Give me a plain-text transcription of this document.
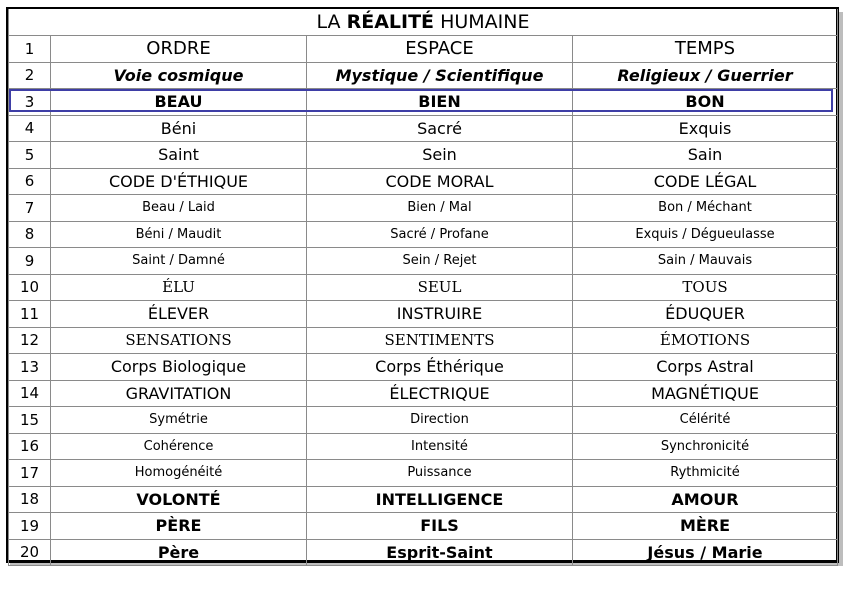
LA RÉALITÉ HUMAINE			
1	ORDRE	ESPACE	TEMPS
2	Voie cosmique	Mystique / Scientifique	Religieux / Guerrier
3	BEAU	BIEN	BON
4	Béni	Sacré	Exquis
5	Saint	Sein	Sain
6	CODE D'ÉTHIQUE	CODE MORAL	CODE LÉGAL
7	Beau / Laid	Bien / Mal	Bon / Méchant
8	Béni / Maudit	Sacré / Profane	Exquis / Dégueulasse
9	Saint / Damné	Sein / Rejet	Sain / Mauvais
10	ÉLU	SEUL	TOUS
11	ÉLEVER	INSTRUIRE	ÉDUQUER
12	SENSATIONS	SENTIMENTS	ÉMOTIONS
13	Corps Biologique	Corps Éthérique	Corps Astral
14	GRAVITATION	ÉLECTRIQUE	MAGNÉTIQUE
15	Symétrie	Direction	Célérité
16	Cohérence	Intensité	Synchronicité
17	Homogénéité	Puissance	Rythmicité
18	VOLONTÉ	INTELLIGENCE	AMOUR
19	PÈRE	FILS	MÈRE
20	Père	Esprit-Saint	Jésus / Marie
